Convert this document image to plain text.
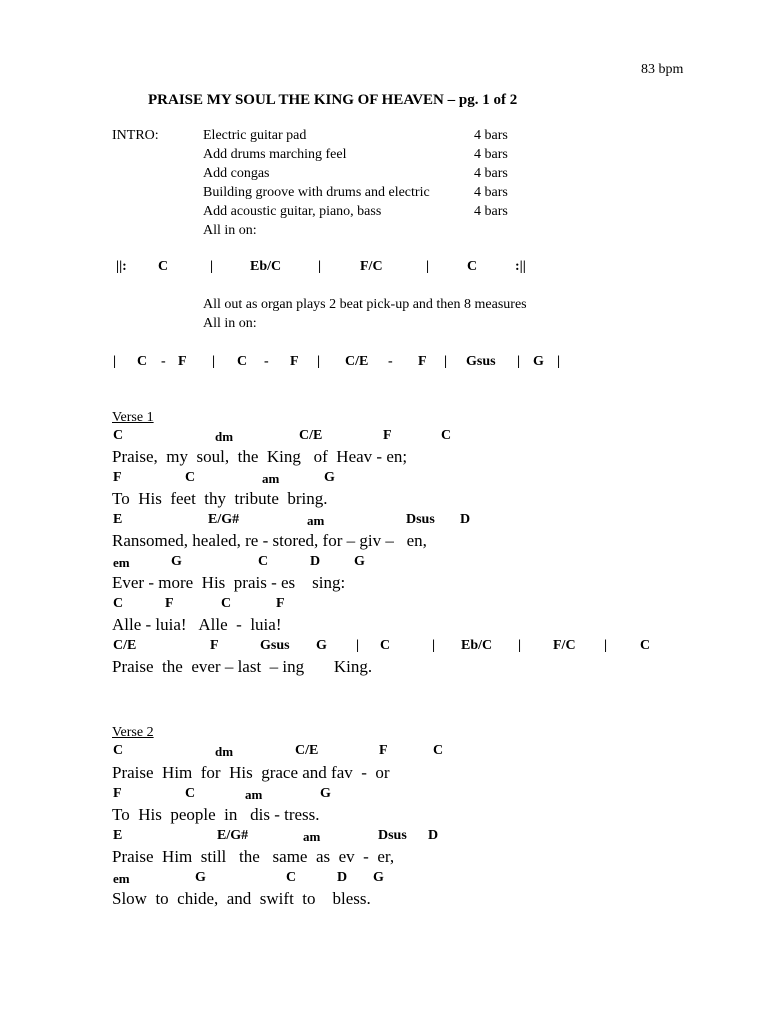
83 bpm
PRAISE MY SOUL THE KING OF HEAVEN – pg. 1 of 2
INTRO:	Electric guitar pad	4 bars
Add drums marching feel	4 bars
Add congas	4 bars
Building groove with drums and electric	4 bars
Add acoustic guitar, piano, bass	4 bars
All in on:
||: C	|	Eb/C	|	F/C	|	C	:||
All out as organ plays 2 beat pick-up and then 8 measures
All in on:
| C - F | C - F | C/E - F | Gsus | G |
Verse 1
C	dm	C/E	F	C
Praise,  my  soul,  the  King   of  Heav - en;
F	C	am	G
To  His  feet  thy  tribute  bring.
E	E/G#	am	Dsus D
Ransomed, healed, re - stored, for – giv –   en,
em	G	C	D G
Ever - more  His  prais - es    sing:
C	F	C	F
Alle - luia!   Alle  -  luia!
C/E	F	Gsus G | C	| Eb/C | F/C | C
Praise  the  ever – last  – ing       King.
Verse 2
C	dm	C/E	F	C
Praise  Him  for  His  grace and fav  -  or
F	C	am	G
To  His  people  in   dis - tress.
E	E/G#	am	Dsus D
Praise  Him  still   the   same  as  ev  -  er,
em	G	C	D G
Slow  to  chide,  and  swift  to    bless.
